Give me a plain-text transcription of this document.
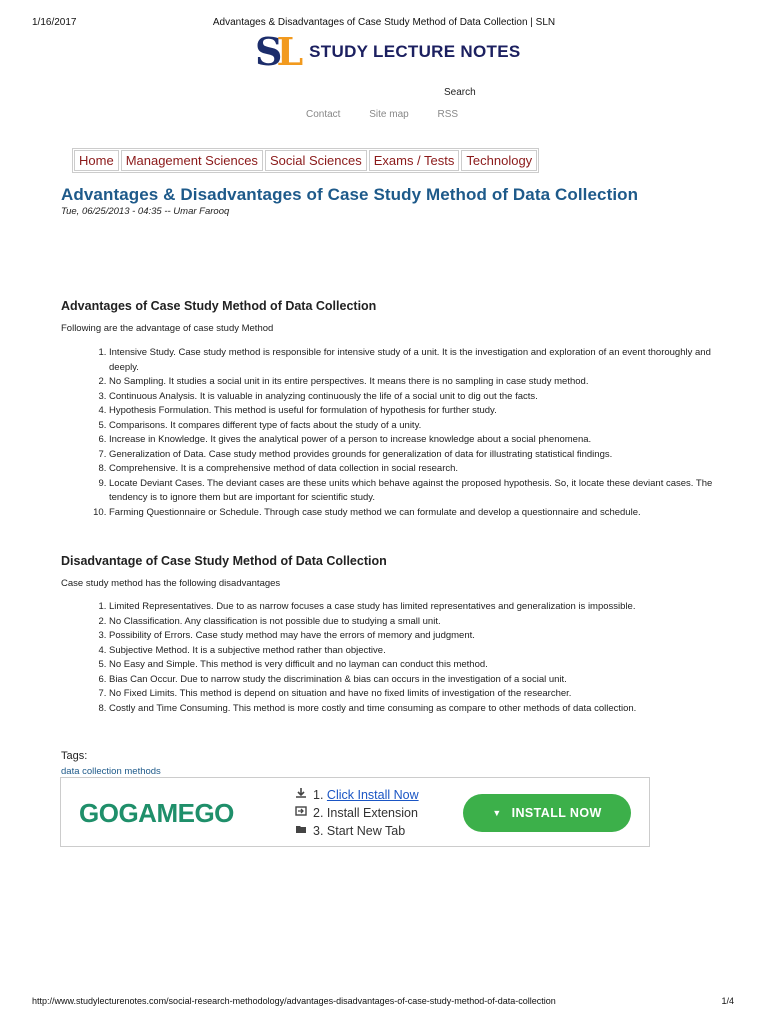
1/16/2017	Advantages & Disadvantages of Case Study Method of Data Collection | SLN
SL STUDY LECTURE NOTES
Search
Contact	Site map	RSS
Home Management Sciences Social Sciences Exams / Tests Technology
Advantages & Disadvantages of Case Study Method of Data Collection
Tue, 06/25/2013 - 04:35 -- Umar Farooq
Advantages of Case Study Method of Data Collection
Following are the advantage of case study Method
1. Intensive Study. Case study method is responsible for intensive study of a unit. It is the investigation and exploration of an event thoroughly and deeply.
2. No Sampling. It studies a social unit in its entire perspectives. It means there is no sampling in case study method.
3. Continuous Analysis. It is valuable in analyzing continuously the life of a social unit to dig out the facts.
4. Hypothesis Formulation. This method is useful for formulation of hypothesis for further study.
5. Comparisons. It compares different type of facts about the study of a unity.
6. Increase in Knowledge. It gives the analytical power of a person to increase knowledge about a social phenomena.
7. Generalization of Data. Case study method provides grounds for generalization of data for illustrating statistical findings.
8. Comprehensive. It is a comprehensive method of data collection in social research.
9. Locate Deviant Cases. The deviant cases are these units which behave against the proposed hypothesis. So, it locate these deviant cases. The tendency is to ignore them but are important for scientific study.
10. Farming Questionnaire or Schedule. Through case study method we can formulate and develop a questionnaire and schedule.
Disadvantage of Case Study Method of Data Collection
Case study method has the following disadvantages
1. Limited Representatives. Due to as narrow focuses a case study has limited representatives and generalization is impossible.
2. No Classification. Any classification is not possible due to studying a small unit.
3. Possibility of Errors. Case study method may have the errors of memory and judgment.
4. Subjective Method. It is a subjective method rather than objective.
5. No Easy and Simple. This method is very difficult and no layman can conduct this method.
6. Bias Can Occur. Due to narrow study the discrimination & bias can occurs in the investigation of a social unit.
7. No Fixed Limits. This method is depend on situation and have no fixed limits of investigation of the researcher.
8. Costly and Time Consuming. This method is more costly and time consuming as compare to other methods of data collection.
Tags:
data collection methods
GOGAMEGO
1.
Click Install Now
2. Install Extension
3. Start New Tab
▼ INSTALL NOW
http://www.studylecturenotes.com/social-research-methodology/advantages-disadvantages-of-case-study-method-of-data-collection	1/4
